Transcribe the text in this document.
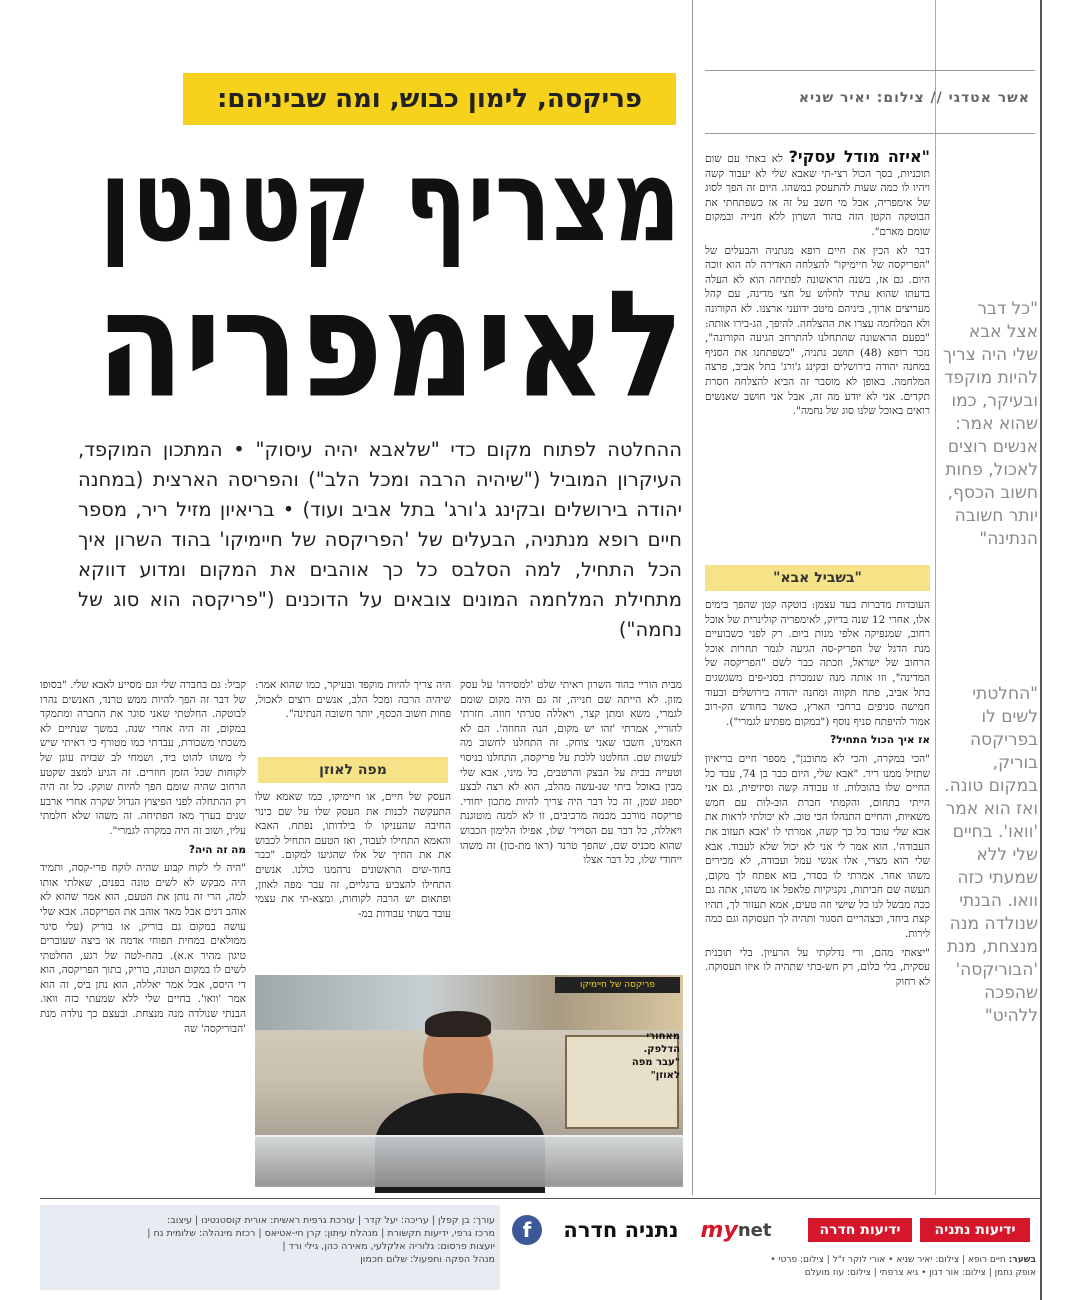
אשר אטדגי // צילום: יאיר שניא
פריקסה, לימון כבוש, ומה שביניהם:
מצריף קטנטן
לאימפריה
ההחלטה לפתוח מקום כדי "שלאבא יהיה עיסוק" • המתכון המוקפד, העיקרון המוביל ("שיהיה הרבה ומכל הלב") והפריסה הארצית (במחנה יהודה בירושלים ובקינג ג'ורג' בתל אביב ועוד) • בריאיון מזיל ריר, מספר חיים רופא מנתניה, הבעלים של 'הפריקסה של חיימיקו' בהוד השרון איך הכל התחיל, למה הסלבס כל כך אוהבים את המקום ומדוע דווקא מתחילת המלחמה המונים צובאים על הדוכנים ("פריקסה הוא סוג של נחמה")

"איזה מודל עסקי? לא באתי עם שום תוכניות, בסך הכול רצי-תי שאבא שלי לא יעבוד קשה ויהיו לו כמה שעות להתעסק במשהו. היום זה הפך לסוג של אימפריה, אבל מי חשב על זה אז כשפתחתי את הבוטקה הקטן הזה בהוד השרון ללא חנייה ובמקום שומם מארם".

דבר לא הכין את חיים רופא מנתניה והבעלים של "הפריקסה של חיימיקו" להצלחה האדירה לה הוא זוכה היום. גם אז, בשנה הראשונה לפתיחה הוא לא העלה בדעתו שהוא עתיד לחלוש על חצי מדינה, עם קהל מעריצים ארוך, ביניהם מיטב ידועני ארצנו. לא הקורונה ולא המלחמה עצרו את ההצלחה. להיפך, הג-בירו אותה: "בפעם הראשונה שהתחלנו להתרחב הגיעה הקורונה", נזכר רופא (48) תושב נתניה, "כשפתחנו את הסניף במחנה יהודה בירושלים ובקינג ג'ורג' בתל אביב, פרצה המלחמה. באופן לא מוסבר זה הביא להצלחה חסרת תקדים. אני לא יודע מה זה, אבל אני חושב שאנשים רואים באוכל שלנו סוג של נחמה".

"בשביל אבא"

העובדות מדברות בעד עצמן: בוטקה קטן שהפך בימים אלו, אחרי 12 שנה בדיוק, לאימפריה קולינרית של אוכל רחוב, שמנפיקה אלפי מנות ביום. רק לפני כשבועיים מנת הדגל של הפריק-סה הגיעה לגמר תחרות אוכל הרחוב של ישראל, וזכתה כבר לשם "הפריקסה של המדינה", וזו אותה מנה שנמכרת בסני-פים משגשגים בתל אביב, פתח תקווה ומחנה יהודה בירושלים ובעוד חמישה סניפים ברחבי הארץ, כאשר בחודש הק-רוב אמור להיפתח סניף נוסף ("במקום מפתיע לגמרי").

אז איך הכול התחיל?

"הכי במקרה, והכי לא מתוכנן", מספר חיים בריאיון שתזיל ממנו ריר. "אבא שלי, היום כבר בן 74, עבד כל החיים שלו בהובלות. זו עבודה קשה וסיזיפית, גם אני הייתי בתחום, והקמתי חברת הוב-לות עם חמש משאיות, והחיים התנהלו הכי טוב. לא יכולתי לראות את אבא שלי עובד כל כך קשה, אמרתי לו 'אבא תעזוב את העבודה'. הוא אמר לי אני לא יכול שלא לעבוד. אבא שלי הוא מצרי, אלו אנשי עמל ועבודה, לא מכירים משהו אחר. אמרתי לו בסדר, בוא אפתח לך מקום, תעשה שם חביתות, נקניקיות פלאפל או משהו, אתה גם ככה מבשל לנו כל שישי וזה טעים, אמא תעזור לך, תהיו קצת ביחד, ובצהריים תסגור ותהיה לך תעסוקה וגם כמה לירות.

"יצאתי מהם, ורי נדלקתי על הרעיון. בלי תוכנית עסקית, בלי כלום, רק חש-בתי שתהיה לו איזו תעסוקה. לא רחוק

"כל דבר אצל אבא שלי היה צריך להיות מוקפד ובעיקר, כמו שהוא אמר: אנשים רוצים לאכול, פחות חשוב הכסף, יותר חשובה הנתינה"
"החלטתי לשים לו בפריקסה בוריק, במקום טונה. ואז הוא אמר 'וואו'. בחיים שלי ללא שמעתי כזה וואו. הבנתי שנולדה מנה מנצחת, מנת 'הבוריקסה' שהפכה ללהיט"

מבית הוריי בהוד השרון ראיתי שלט 'למסירה' על עסק מזון. לא הייתה שם חנייה, זה גם היה מקום שומם לגמרי, משא ומתן קצר, ויאללה סגרתי חוזה. חזרתי להוריי, אמרתי 'זהו יש מקום, הנה החוזה'. הם לא האמינו, חשבו שאני צוחק. זה התחלנו לחשוב מה לעשות שם. החלטנו ללכת על פריקסה, התחלנו בניסוי וטעייה בבית על הבצק והרטבים, כל מיני, אבא שלי מבין באוכל ביתי שנ-עשה מהלב, הוא לא רצה לבצע יספוג שמן, זה כל דבר היה צריך להיות מתכון יחודי. פריקסה מורכב מכמה מרכיבים, זו לא למנה מוטוגנת ויאללה, כל דבר עם הסוייר' שלו, אפילו הלימון הכבוש שהוא מכניס שם, שהפך טרנד (ראו מת-כון) זה משהו ייחודי שלו, כל דבר אצלו

היה צריך להיות מוקפד ובעיקר, כמו שהוא אמר: שיהיה הרבה ומכל הלב, אנשים רוצים לאכול, פחות חשוב הכסף, יותר חשובה הנתינה".

מפה לאוזן

העסק של חיים, או חיימיקו, כמו שאמא שלו התעקשה לכנות את העסק שלו על שם כינוי החיבה שהעניקו לו בילדותו, נפתח. האבא והאמא התחילו לעבוד, ואז הטעם התחיל לכבוש את את החיך של אלו שהגיעו למקום. "כבר בחוד-שים הראשונים נרהמנו כולנו. אנשים התחילו להצביע ברגליים, זה עבר מפה לאוזן, ופתאום יש הרבה לקוחות, ומצא-תי את עצמי עובד בשתי עבודות במ-

קביל: גם בחברה שלי וגם מסייע לאבא שלי. "בסופו של דבר זה הפך להיות ממש טרנד, האנשים נהרו לבוטקה. החלטתי שאני סוגר את החברה ומתמקד במקום, זה היה אחרי שנה. במשך שנתיים לא משכתי משכורת, עבדתי כמו מטורף כי ראיתי שיש לי משהו להוט ביד, ושמחי לב שבזיה עוגן של לקוחות שכל הזמן חוזרים. זה הגיע למצב שקטע הרחוב שהיה שומם הפך להיות שוקק. כל זה היה רק ההתחלה לפני הפיצוץ הגדול שקרה אחרי ארבע שנים בערך מאז הפתיחה. זה משהו שלא חלמתי עליו, ושוב זה היה במקרה לגמרי".

מה זה היה?

"היה לי לקוח קבוע שהיה לוקח פרי-קסה, ותמיד היה מבקש לא לשים טונה בפנים, שאלתי אותו למה, הרי זה נותן את הטעם, הוא אמר שהוא לא אוהב דגים אבל מאד אוהב את הפריקסה. אבא שלי עושה במקום גם בוריק, או בוריק (עלי סיגר ממולאים במחית תפוחי אדמה או ביצה שעוברים טיגון מהיר א.א). בהח-לטה של רגע, החלטתי לשים לו במקום הטונה, בוריק, בתוך הפריקסה, הוא די היסס, אבל אמר יאללה, הוא נתן ביס, זה הוא אמר 'וואו'. בחיים שלי ללא שמעתי כזה וואו. הבנתי שנולדה מנה מנצחת. ובעצם כך נולדה מנת 'הבוריקסה' שה

פריקסה של חיימיקו
מאחורי הדלפק. "עבר מפה לאוזן"
עורך: בן קפלן | עריכה: יעל קדר | עורכת גרפית ראשית: אורית קוסטנטינו | עיצוב:
מרכז גרפי, ידיעות תקשורת | מנהלת עיתון: קרן חי-אטיאס | רכזת מינהלה: שלומית נח |
יועצות פרסום: גלוריה אלקלעי, מאירה כהן, גילי ורד |
מנהל הפקה ותפעול: שלום חכמון
f	נתניה חדרה my net	ידיעות חדרה	ידיעות נתניה
בשער: חיים רופא | צילום: יאיר שניא • אורי לוקר ז"ל | צילום: פרטי •
אופק נחמן | צילום: אור דנון • גיא צרפתי | צילום: עוז מועלם
